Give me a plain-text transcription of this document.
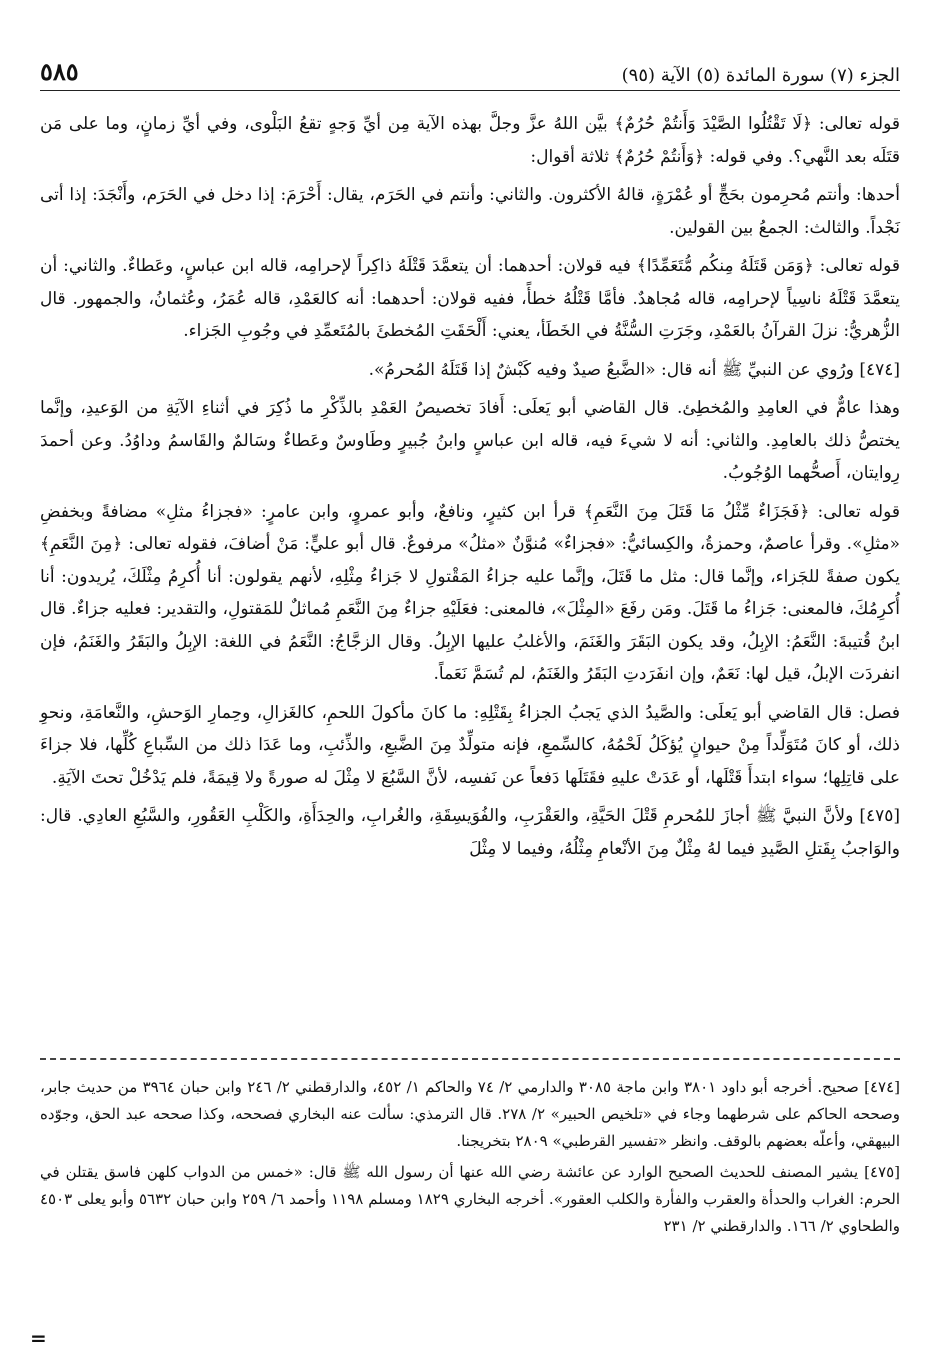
٥٨٥	الجزء (٧) سورة المائدة (٥) الآية (٩٥)

قوله تعالى: ﴿لَا تَقْتُلُوا الصَّيْدَ وَأَنتُمْ حُرُمٌ﴾ بيَّن اللهُ عزَّ وجلَّ بهذه الآية مِن أيِّ وَجهٍ تقعُ البَلْوى، وفي أيِّ زمانٍ، وما على مَن قتَلَه بعد النَّهي؟. وفي قوله: ﴿وَأَنتُمْ حُرُمٌ﴾ ثلاثة أقوال:

أحدها: وأنتم مُحرِمون بحَجٍّ أو عُمْرَةٍ، قالهُ الأكثرون. والثاني: وأنتم في الحَرَم، يقال: أَحْرَمَ: إذا دخل في الحَرَم، وأَنْجَدَ: إذا أتى نَجْداً. والثالث: الجمعُ بين القولين.

قوله تعالى: ﴿وَمَن قَتَلَهُ مِنكُم مُّتَعَمِّدًا﴾ فيه قولان: أحدهما: أن يتعمَّدَ قَتْلَهُ ذاكِراً لإحرامِه، قاله ابن عباسٍ، وعَطاءٌ. والثاني: أن يتعمَّدَ قَتْلَهُ ناسِياً لإحرامِه، قاله مُجاهدٌ. فأمَّا قَتْلُهُ خطأً، ففيه قولان: أحدهما: أنه كالعَمْدِ، قاله عُمَرُ، وعُثمانُ، والجمهور. قال الزُّهريُّ: نزلَ القرآنُ بالعَمْدِ، وجَرَتِ السُّنَّةُ في الخَطَأ، يعني: أَلْحَقَتِ المُخطئَ بالمُتَعمِّدِ في وجُوبِ الجَزاء.

[٤٧٤] ورُوي عن النبيِّ ﷺ أنه قال: «الضَّبعُ صيدٌ وفيه كَبْشٌ إذا قَتَلَهُ المُحرمُ».

وهذا عامٌّ في العامِدِ والمُخطِئ. قال القاضي أبو يَعلَى: أَفادَ تخصيصُ العَمْدِ بالذِّكْرِ ما ذُكِرَ في أثناءِ الآيَةِ من الوَعيدِ، وإنَّما يختصُّ ذلك بالعامِدِ. والثاني: أنه لا شيءَ فيه، قاله ابن عباسٍ وابنُ جُبيرٍ وطَاوسٌ وعَطاءٌ وسَالمٌ والقَاسمُ وداوُدُ. وعن أحمدَ رِوايتان، أَصحُّهما الوُجُوبُ.

قوله تعالى: ﴿فَجَزَاءٌ مِّثْلُ مَا قَتَلَ مِنَ النَّعَمِ﴾ قرأ ابن كثيرٍ، ونافعٌ، وأبو عمروٍ، وابن عامرٍ: «فجزاءُ مثلِ» مضافةً وبخفضِ «مثلِ». وقرأ عاصمٌ، وحمزةُ، والكِسائيُّ: «فجزاءٌ» مُنوَّنٌ «مثلُ» مرفوعٌ. قال أبو عليٍّ: مَنْ أضافَ، فقوله تعالى: ﴿مِنَ النَّعَمِ﴾ يكون صفةً للجَزاء، وإنَّما قال: مثل ما قَتَلَ، وإنَّما عليه جزاءُ المَقْتولِ لا جَزاءُ مِثْلِهِ، لأنهم يقولون: أنا أُكرِمُ مِثْلَكَ، يُريدون: أنا أُكرِمُكَ، فالمعنى: جَزاءُ ما قَتَلَ. ومَن رفَعَ «المِثْلَ»، فالمعنى: فعَلَيْهِ جزاءٌ مِنَ النَّعَمِ مُماثلٌ للمَقتولِ، والتقدير: فعليه جزاءٌ. قال ابنُ قُتيبةَ: النَّعَمُ: الإبِلُ، وقد يكون البَقَرَ والغَنَمَ، والأغلبُ عليها الإبِلُ. وقال الزجَّاجُ: النَّعَمُ في اللغة: الإبِلُ والبَقَرُ والغَنَمُ، فإن انفردَت الإبلُ، قيل لها: نَعَمٌ، وإن انفَرَدتِ البَقَرُ والغَنَمُ، لم تُسَمَّ نَعَماً.

فصل: قال القاضي أبو يَعلَى: والصَّيدُ الذي يَجبُ الجزاءُ بِقَتْلِهِ: ما كانَ مأكولَ اللحمِ، كالغَزالِ، وحِمارِ الوَحشِ، والنَّعامَةِ، ونحوِ ذلك، أو كانَ مُتَوَلِّداً مِنْ حيوانٍ يُؤكَلُ لَحْمُهُ، كالسِّمعِ، فإنه متولِّدٌ مِنَ الضَّبعِ، والذِّئبِ، وما عَدَا ذلك من السِّباعِ كُلِّها، فلا جزاءَ على قاتِلِها؛ سواء ابتدأَ قَتْلَها، أو عَدَتْ عليهِ فقَتَلَها دَفعاً عن نَفسِه، لأنَّ السَّبُعَ لا مِثْلَ له صورةً ولا قِيمَةً، فلم يَدْخُلْ تحتَ الآيَةِ.

[٤٧٥] ولأنَّ النبيَّ ﷺ أجازَ للمُحرمِ قَتْلَ الحَيَّةِ، والعَقْرَبِ، والفُوَيسِقَةِ، والغُرابِ، والحِدَأَةِ، والكَلْبِ العَقُورِ، والسَّبُعِ العادِي. قال: والوَاجبُ بِقَتلِ الصَّيدِ فيما لهُ مِثْلٌ مِنَ الأنْعامِ مِثْلُهُ، وفيما لا مِثْلَ

[٤٧٤] صحيح. أخرجه أبو داود ٣٨٠١ وابن ماجة ٣٠٨٥ والدارمي ٢/ ٧٤ والحاكم ١/ ٤٥٢، والدارقطني ٢/ ٢٤٦ وابن حبان ٣٩٦٤ من حديث جابر، وصححه الحاكم على شرطهما وجاء في «تلخيص الحبير» ٢/ ٢٧٨. قال الترمذي: سألت عنه البخاري فصححه، وكذا صححه عبد الحق، وجوّده البيهقي، وأعلّه بعضهم بالوقف. وانظر «تفسير القرطبي» ٢٨٠٩ بتخريجنا.

[٤٧٥] يشير المصنف للحديث الصحيح الوارد عن عائشة رضي الله عنها أن رسول الله ﷺ قال: «خمس من الدواب كلهن فاسق يقتلن في الحرم: الغراب والحدأة والعقرب والفأرة والكلب العقور». أخرجه البخاري ١٨٢٩ ومسلم ١١٩٨ وأحمد ٦/ ٢٥٩ وابن حبان ٥٦٣٢ وأبو يعلى ٤٥٠٣ والطحاوي ٢/ ١٦٦. والدارقطني ٢/ ٢٣١

=
